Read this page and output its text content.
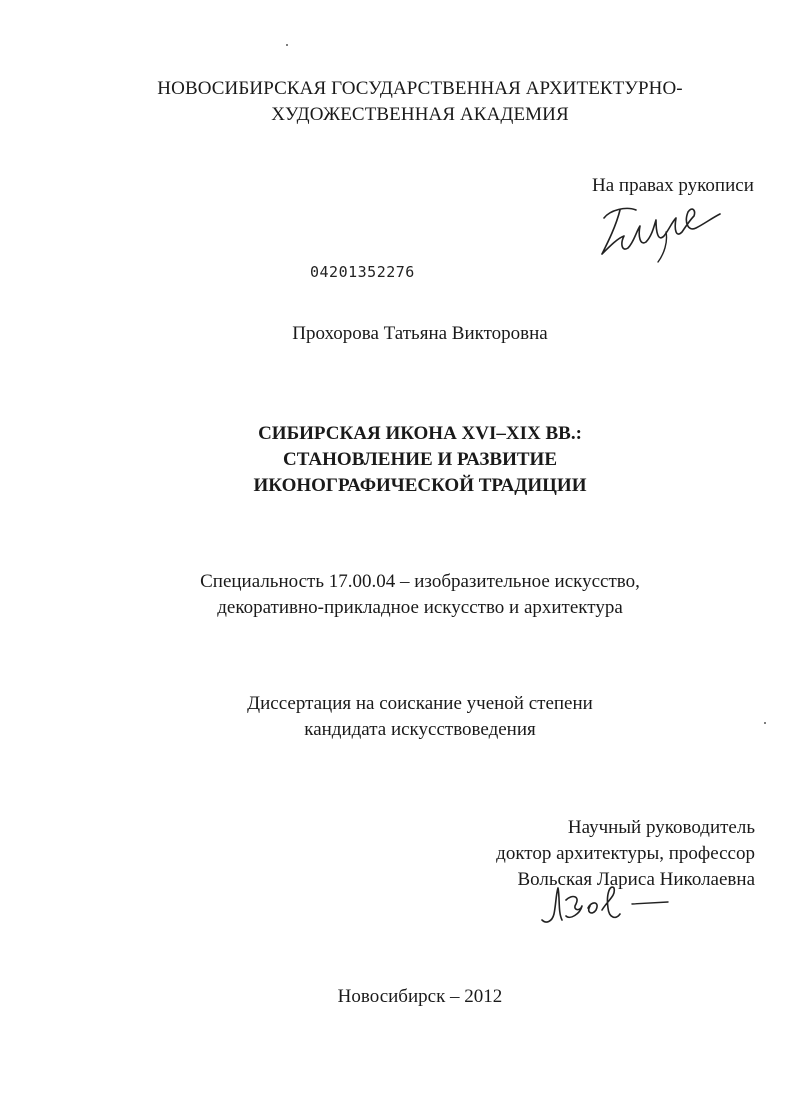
НОВОСИБИРСКАЯ ГОСУДАРСТВЕННАЯ АРХИТЕКТУРНО-
ХУДОЖЕСТВЕННАЯ АКАДЕМИЯ
На правах рукописи
04201352276
Прохорова Татьяна Викторовна
СИБИРСКАЯ ИКОНА XVI–XIX ВВ.:
СТАНОВЛЕНИЕ И РАЗВИТИЕ
ИКОНОГРАФИЧЕСКОЙ ТРАДИЦИИ
Специальность 17.00.04 – изобразительное искусство,
декоративно-прикладное искусство и архитектура
Диссертация на соискание ученой степени
кандидата искусствоведения
Научный руководитель
доктор архитектуры, профессор
Вольская Лариса Николаевна
Новосибирск – 2012
